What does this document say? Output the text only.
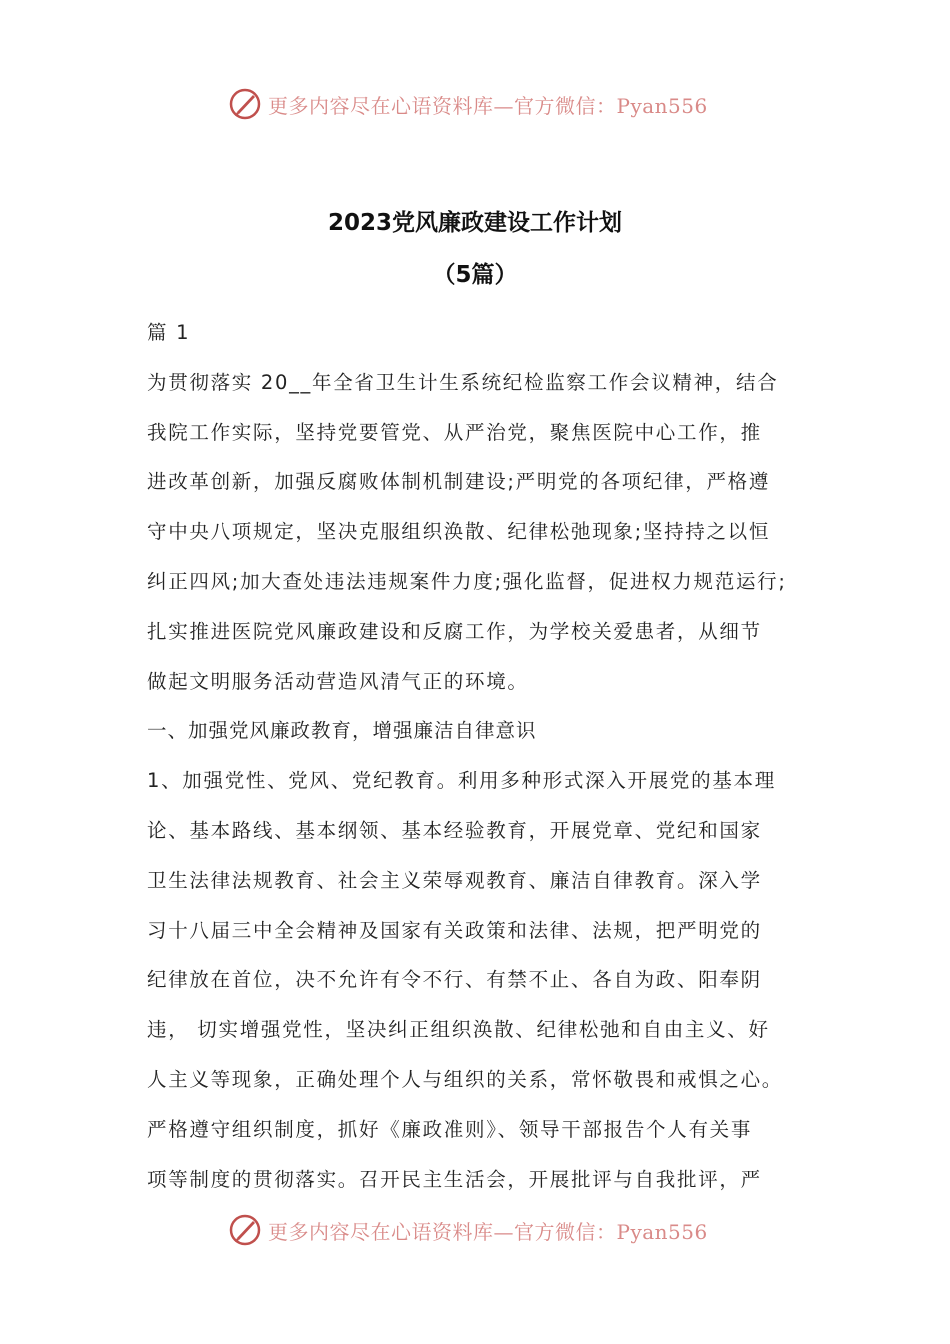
更多内容尽在心语资料库—官方微信：Pyan556
2023党风廉政建设工作计划
（5篇）
篇 1
为贯彻落实 20__年全省卫生计生系统纪检监察工作会议精神，结合
我院工作实际，坚持党要管党、从严治党，聚焦医院中心工作，推
进改革创新，加强反腐败体制机制建设;严明党的各项纪律，严格遵
守中央八项规定，坚决克服组织涣散、纪律松弛现象;坚持持之以恒
纠正四风;加大查处违法违规案件力度;强化监督，促进权力规范运行;
扎实推进医院党风廉政建设和反腐工作，为学校关爱患者，从细节
做起文明服务活动营造风清气正的环境。
一、加强党风廉政教育，增强廉洁自律意识
1、加强党性、党风、党纪教育。利用多种形式深入开展党的基本理
论、基本路线、基本纲领、基本经验教育，开展党章、党纪和国家
卫生法律法规教育、社会主义荣辱观教育、廉洁自律教育。深入学
习十八届三中全会精神及国家有关政策和法律、法规，把严明党的
纪律放在首位，决不允许有令不行、有禁不止、各自为政、阳奉阴
违， 切实增强党性，坚决纠正组织涣散、纪律松弛和自由主义、好
人主义等现象，正确处理个人与组织的关系，常怀敬畏和戒惧之心。
严格遵守组织制度，抓好《廉政准则》、领导干部报告个人有关事
项等制度的贯彻落实。召开民主生活会，开展批评与自我批评，严
更多内容尽在心语资料库—官方微信：Pyan556
